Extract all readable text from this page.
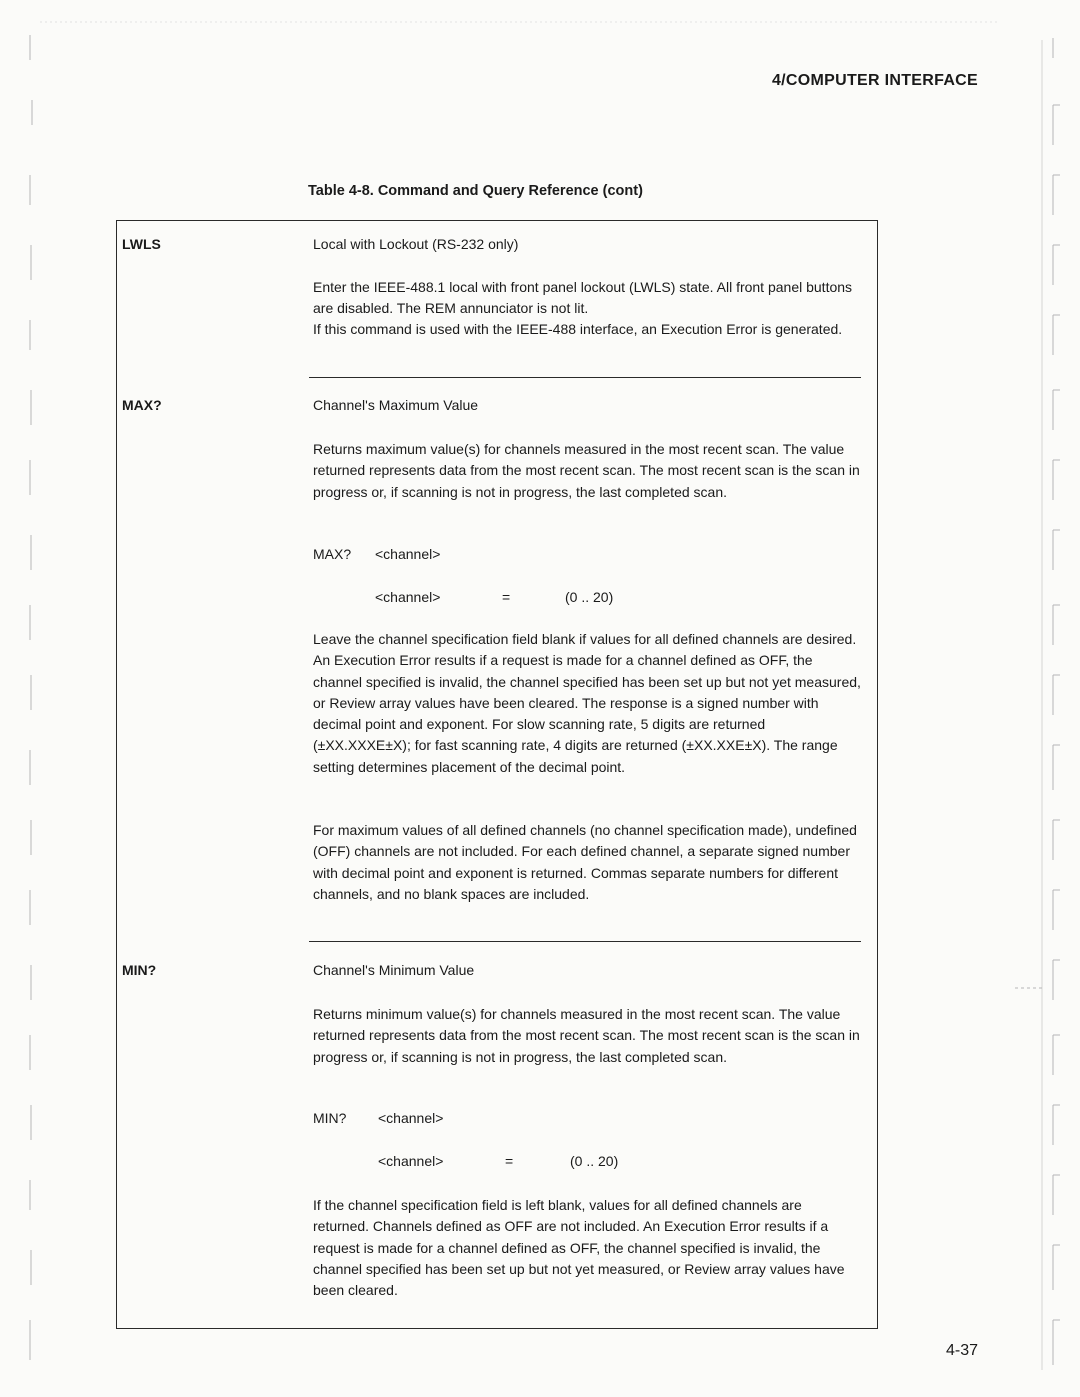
4/COMPUTER INTERFACE
Table 4-8. Command and Query Reference (cont)
LWLS	Local with Lockout (RS-232 only)

Enter the IEEE-488.1 local with front panel lockout (LWLS) state. All front panel buttons are disabled. The REM annunciator is not lit.

If this command is used with the IEEE-488 interface, an Execution Error is generated.

MAX?	Channel's Maximum Value

Returns maximum value(s) for channels measured in the most recent scan. The value returned represents data from the most recent scan. The most recent scan is the scan in progress or, if scanning is not in progress, the last completed scan.

MAX? <channel>
<channel>	=	(0 .. 20)

Leave the channel specification field blank if values for all defined channels are desired. An Execution Error results if a request is made for a channel defined as OFF, the channel specified is invalid, the channel specified has been set up but not yet measured, or Review array values have been cleared. The response is a signed number with decimal point and exponent. For slow scanning rate, 5 digits are returned (±XX.XXXE±X); for fast scanning rate, 4 digits are returned (±XX.XXE±X). The range setting determines placement of the decimal point.

For maximum values of all defined channels (no channel specification made), undefined (OFF) channels are not included. For each defined channel, a separate signed number with decimal point and exponent is returned. Commas separate numbers for different channels, and no blank spaces are included.

MIN?	Channel's Minimum Value

Returns minimum value(s) for channels measured in the most recent scan. The value returned represents data from the most recent scan. The most recent scan is the scan in progress or, if scanning is not in progress, the last completed scan.

MIN? <channel>
<channel>	=	(0 .. 20)

If the channel specification field is left blank, values for all defined channels are returned. Channels defined as OFF are not included. An Execution Error results if a request is made for a channel defined as OFF, the channel specified is invalid, the channel specified has been set up but not yet measured, or Review array values have been cleared.

4-37
